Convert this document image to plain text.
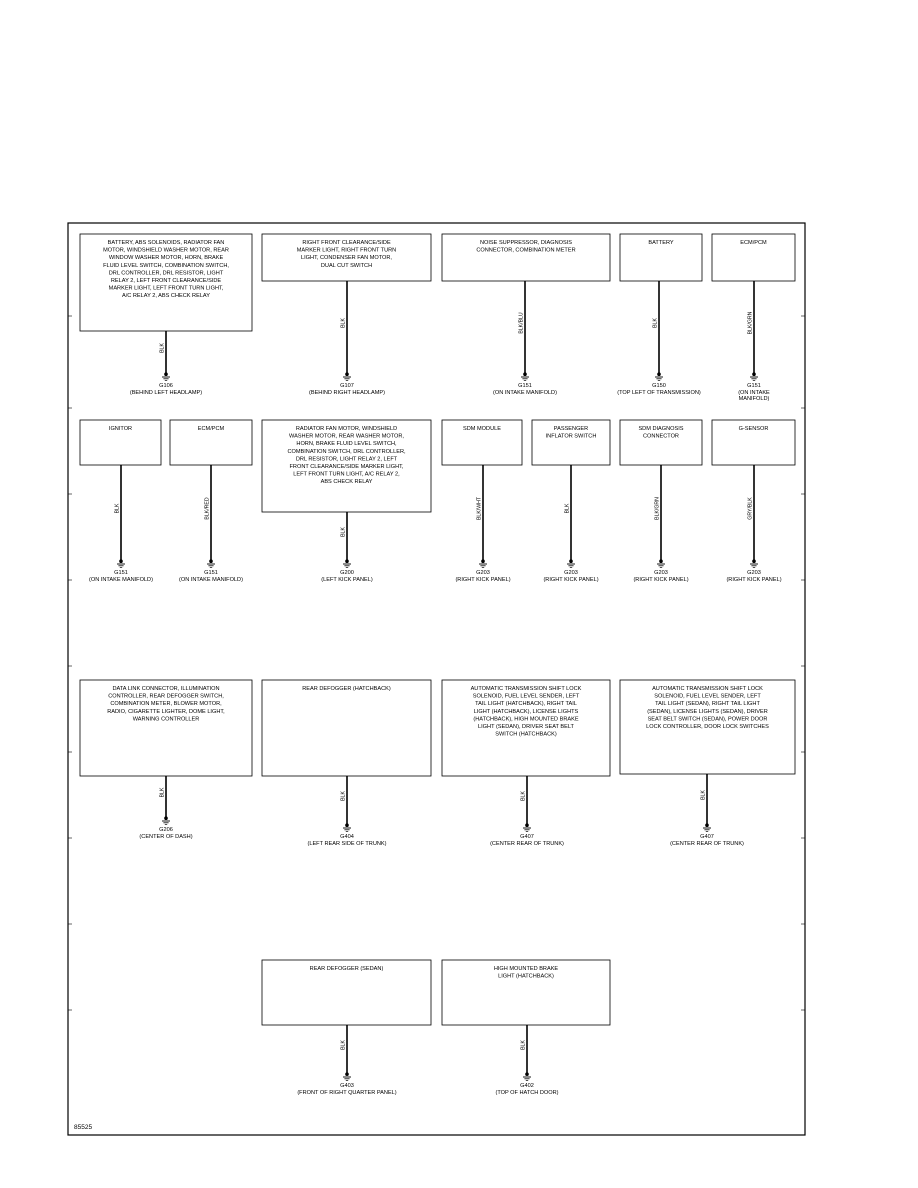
BATTERY, ABS SOLENOIDS, RADIATOR FAN
MOTOR, WINDSHIELD WASHER MOTOR, REAR
WINDOW WASHER MOTOR, HORN, BRAKE
FLUID LEVEL SWITCH, COMBINATION SWITCH,
DRL CONTROLLER, DRL RESISTOR, LIGHT
RELAY 2, LEFT FRONT CLEARANCE/SIDE
MARKER LIGHT, LEFT FRONT TURN LIGHT,
A/C RELAY 2, ABS CHECK RELAY
BLK
G106
(BEHIND LEFT HEADLAMP)
RIGHT FRONT CLEARANCE/SIDE
MARKER LIGHT, RIGHT FRONT TURN
LIGHT, CONDENSER FAN MOTOR,
DUAL CUT SWITCH
BLK
G107
(BEHIND RIGHT HEADLAMP)
NOISE SUPPRESSOR, DIAGNOSIS
CONNECTOR, COMBINATION METER
BLK/BLU
G151
(ON INTAKE MANIFOLD)
BATTERY
BLK
G150
(TOP LEFT OF TRANSMISSION)
ECM/PCM
BLK/GRN
G151
(ON INTAKE
MANIFOLD)
IGNITOR
BLK
G151
(ON INTAKE MANIFOLD)
ECM/PCM
BLK/RED
G151
(ON INTAKE MANIFOLD)
RADIATOR FAN MOTOR, WINDSHIELD
WASHER MOTOR, REAR WASHER MOTOR,
HORN, BRAKE FLUID LEVEL SWITCH,
COMBINATION SWITCH, DRL CONTROLLER,
DRL RESISTOR, LIGHT RELAY 2, LEFT
FRONT CLEARANCE/SIDE MARKER LIGHT,
LEFT FRONT TURN LIGHT, A/C RELAY 2,
ABS CHECK RELAY
BLK
G200
(LEFT KICK PANEL)
SDM MODULE
BLK/WHT
G203
(RIGHT KICK PANEL)
PASSENGER
INFLATOR SWITCH
BLK
G203
(RIGHT KICK PANEL)
SDM DIAGNOSIS
CONNECTOR
BLK/GRN
G203
(RIGHT KICK PANEL)
G-SENSOR
GRY/BLK
G203
(RIGHT KICK PANEL)
DATA LINK CONNECTOR, ILLUMINATION
CONTROLLER, REAR DEFOGGER SWITCH,
COMBINATION METER, BLOWER MOTOR,
RADIO, CIGARETTE LIGHTER, DOME LIGHT,
WARNING CONTROLLER
BLK
G206
(CENTER OF DASH)
REAR DEFOGGER (HATCHBACK)
BLK
G404
(LEFT REAR SIDE OF TRUNK)
AUTOMATIC TRANSMISSION SHIFT LOCK
SOLENOID, FUEL LEVEL SENDER, LEFT
TAIL LIGHT (HATCHBACK), RIGHT TAIL
LIGHT (HATCHBACK), LICENSE LIGHTS
(HATCHBACK), HIGH MOUNTED BRAKE
LIGHT (SEDAN), DRIVER SEAT BELT
SWITCH (HATCHBACK)
BLK
G407
(CENTER REAR OF TRUNK)
AUTOMATIC TRANSMISSION SHIFT LOCK
SOLENOID, FUEL LEVEL SENDER, LEFT
TAIL LIGHT (SEDAN), RIGHT TAIL LIGHT
(SEDAN), LICENSE LIGHTS (SEDAN), DRIVER
SEAT BELT SWITCH (SEDAN), POWER DOOR
LOCK CONTROLLER, DOOR LOCK SWITCHES
BLK
G407
(CENTER REAR OF TRUNK)
REAR DEFOGGER (SEDAN)
BLK
G403
(FRONT OF RIGHT QUARTER PANEL)
HIGH MOUNTED BRAKE
LIGHT (HATCHBACK)
BLK
G402
(TOP OF HATCH DOOR)
85525
